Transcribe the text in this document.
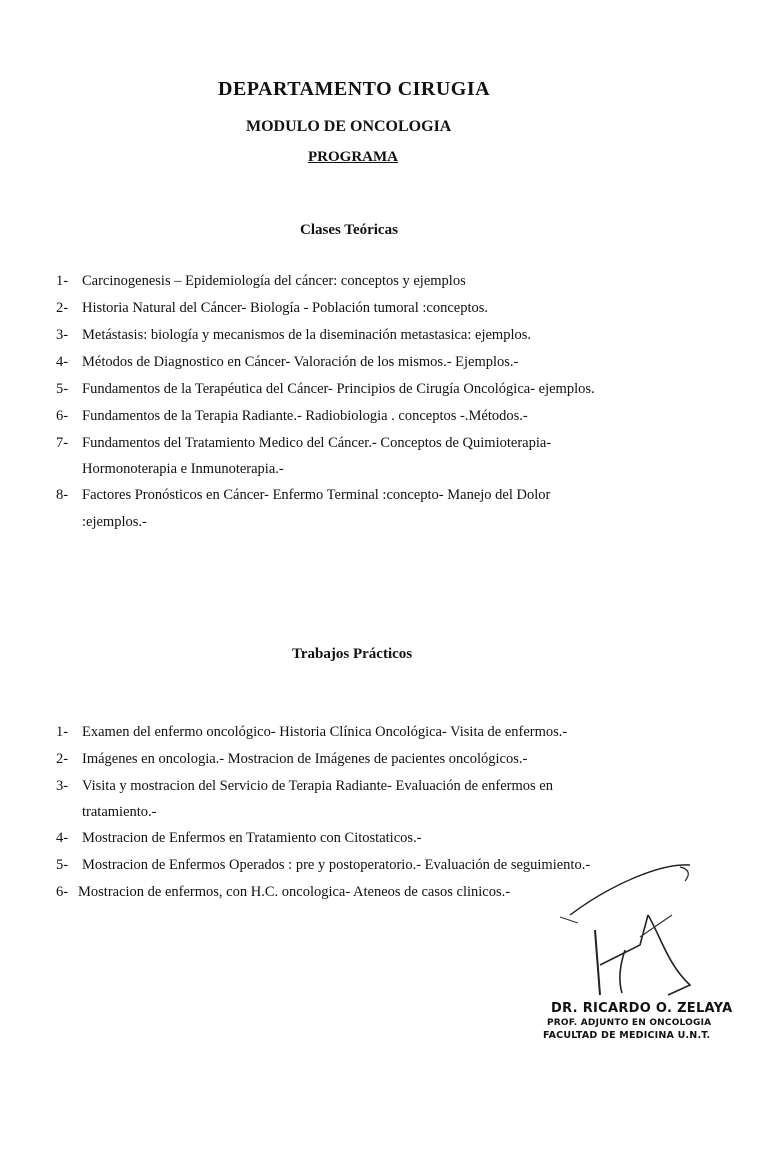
DEPARTAMENTO CIRUGIA
MODULO DE ONCOLOGIA
PROGRAMA
Clases Teóricas
1- Carcinogenesis – Epidemiología del cáncer: conceptos y ejemplos
2- Historia Natural del Cáncer- Biología - Población tumoral :conceptos.
3- Metástasis: biología y mecanismos de la diseminación metastasica: ejemplos.
4- Métodos de Diagnostico en Cáncer- Valoración de los mismos.- Ejemplos.-
5- Fundamentos de la Terapéutica del Cáncer- Principios de Cirugía Oncológica- ejemplos.
6- Fundamentos de la Terapia Radiante.- Radiobiologia . conceptos -.Métodos.-
7- Fundamentos del Tratamiento Medico del Cáncer.- Conceptos de Quimioterapia-
Hormonoterapia e Inmunoterapia.-
8- Factores Pronósticos en Cáncer- Enfermo Terminal :concepto- Manejo del Dolor
:ejemplos.-
Trabajos Prácticos
1- Examen del enfermo oncológico- Historia Clínica Oncológica- Visita de enfermos.-
2- Imágenes en oncologia.- Mostracion de Imágenes de pacientes oncológicos.-
3- Visita y mostracion del Servicio de Terapia Radiante- Evaluación de enfermos en
tratamiento.-
4- Mostracion de Enfermos en Tratamiento con Citostaticos.-
5- Mostracion de Enfermos Operados : pre y postoperatorio.- Evaluación de seguimiento.-
6- Mostracion de enfermos, con H.C. oncologica- Ateneos de casos clinicos.-
DR. RICARDO O. ZELAYA
PROF. ADJUNTO EN ONCOLOGIA
FACULTAD DE MEDICINA U.N.T.
